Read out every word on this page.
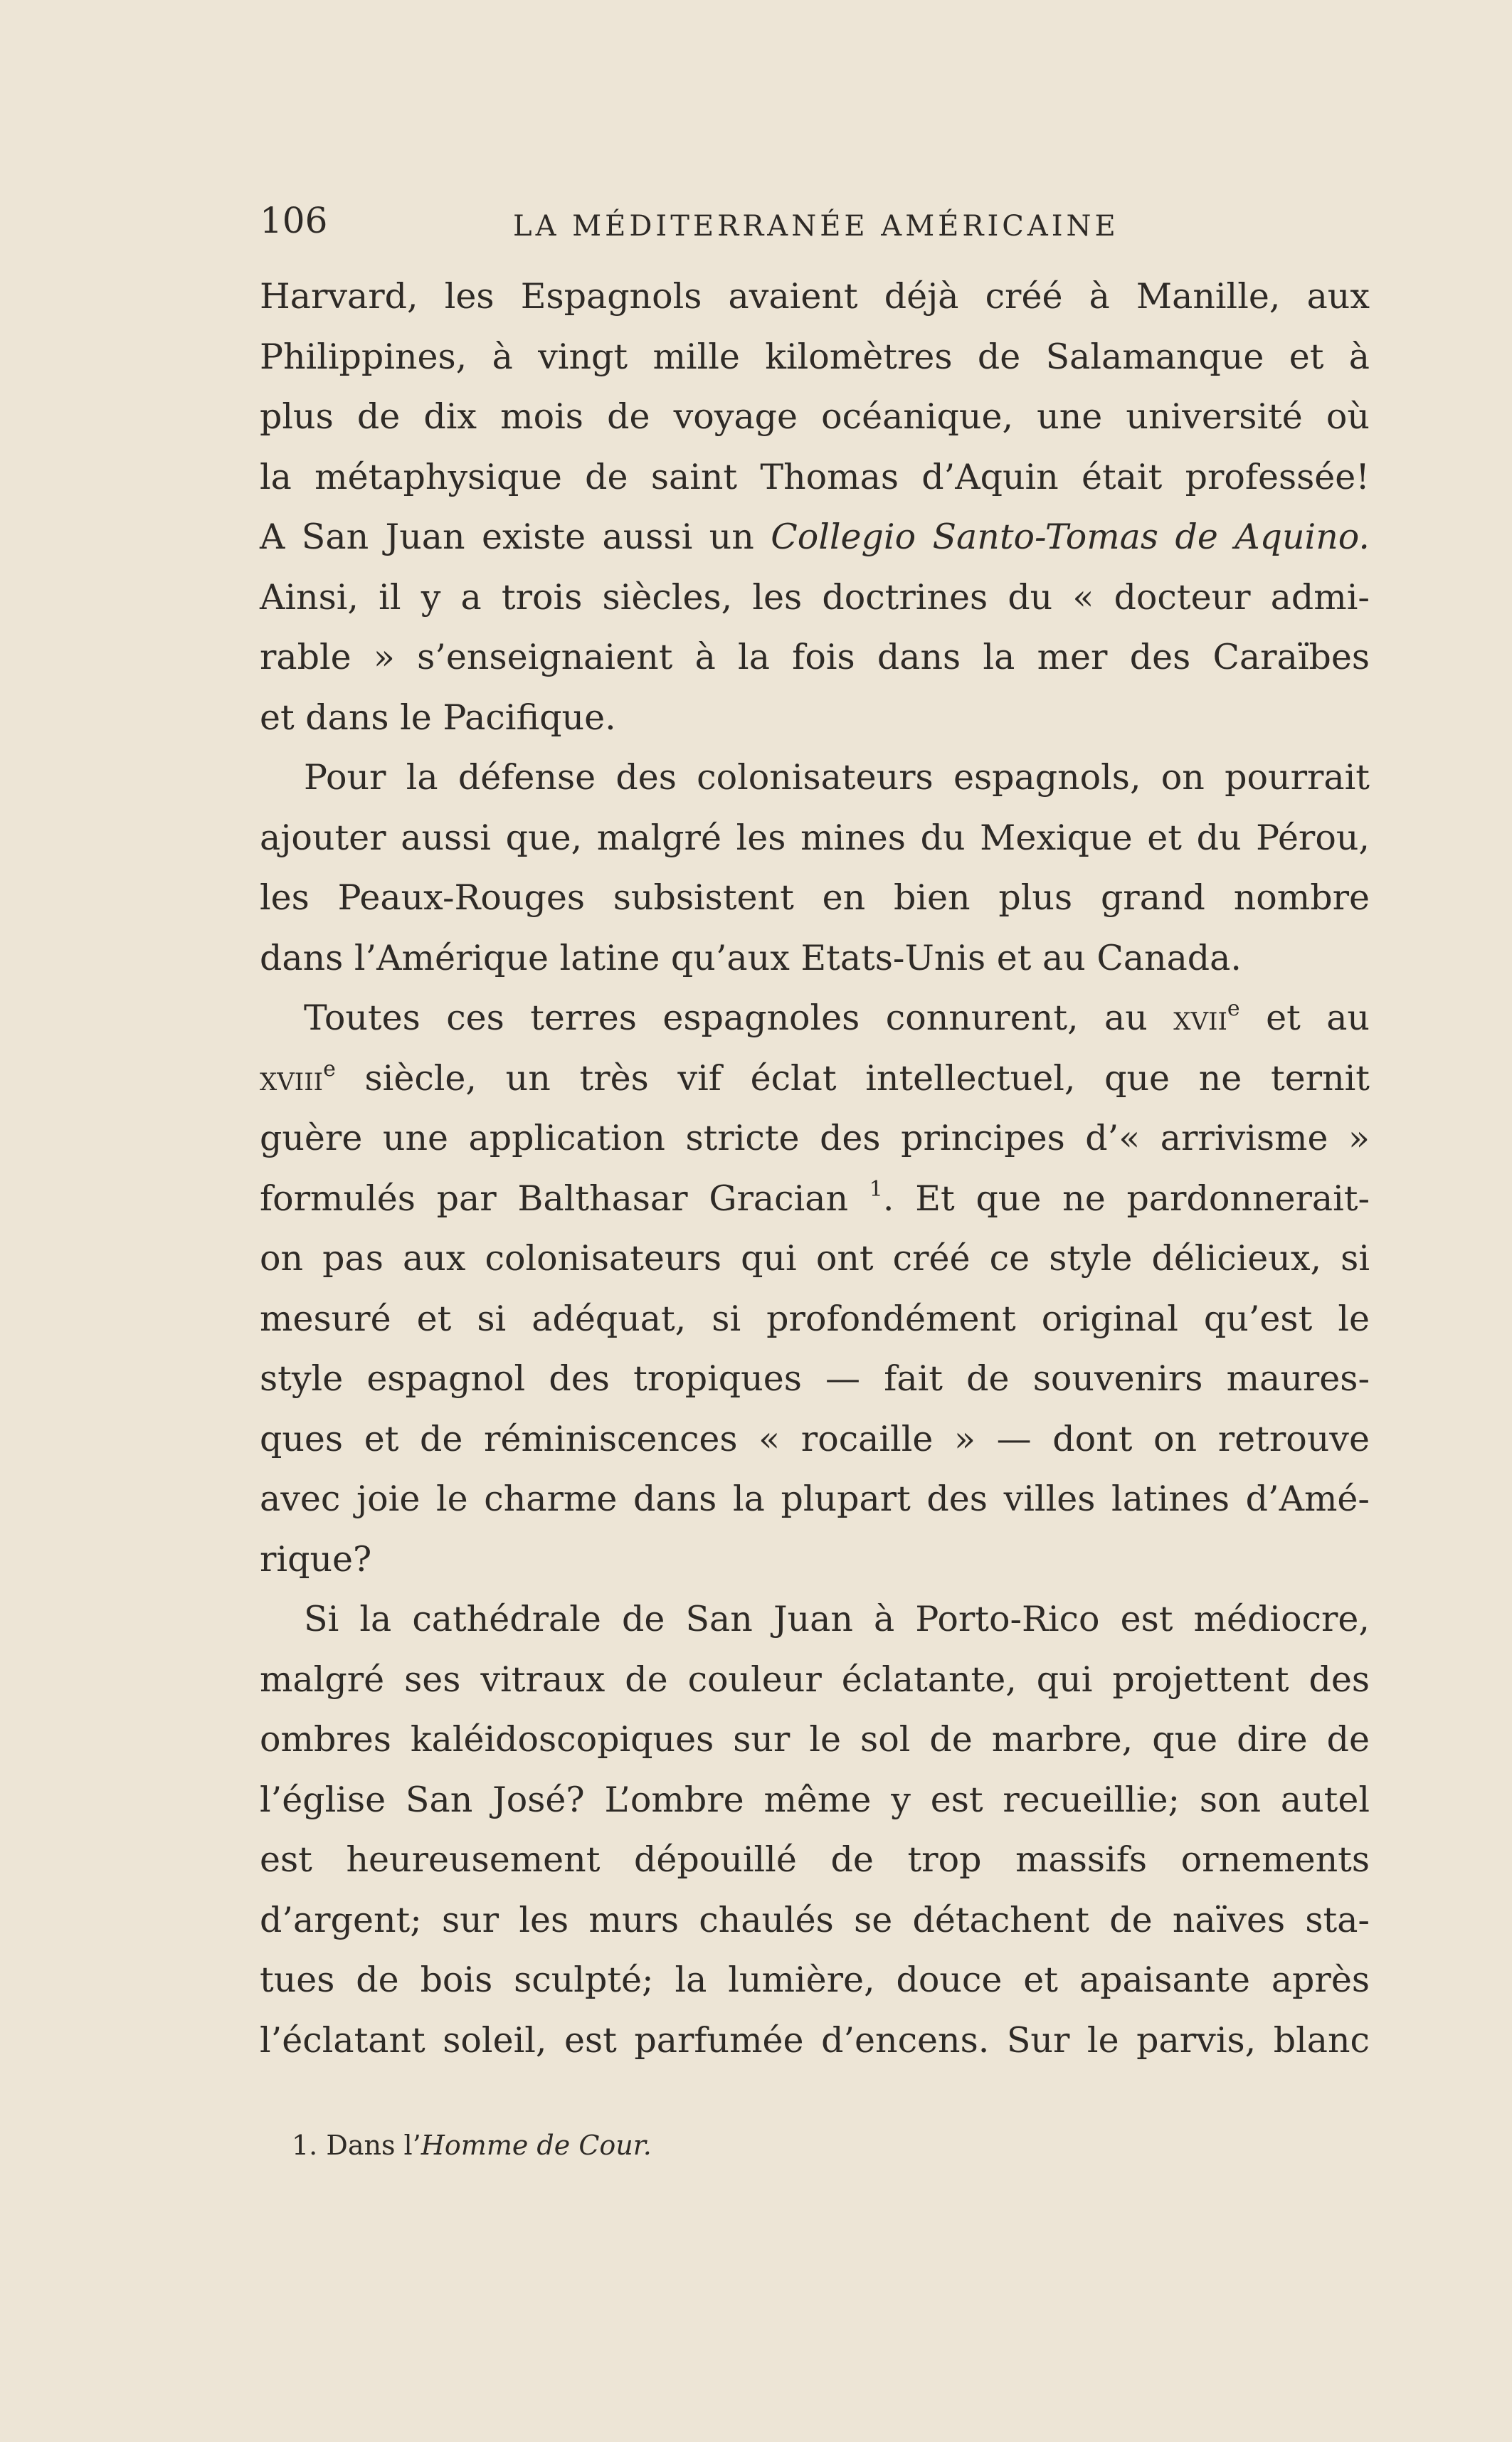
106	LA MÉDITERRANÉE AMÉRICAINE
Harvard, les Espagnols avaient déjà créé à Manille, aux
Philippines, à vingt mille kilomètres de Salamanque et à
plus de dix mois de voyage océanique, une université où
la métaphysique de saint Thomas d’Aquin était professée!
A San Juan existe aussi un Collegio Santo-Tomas de Aquino.
Ainsi, il y a trois siècles, les doctrines du « docteur admi-
rable » s’enseignaient à la fois dans la mer des Caraïbes
et dans le Pacifique.
Pour la défense des colonisateurs espagnols, on pourrait
ajouter aussi que, malgré les mines du Mexique et du Pérou,
les Peaux-Rouges subsistent en bien plus grand nombre
dans l’Amérique latine qu’aux Etats-Unis et au Canada.
Toutes ces terres espagnoles connurent, au xvii$^e$ et au
xviii$^e$ siècle, un très vif éclat intellectuel, que ne ternit
guère une application stricte des principes d’« arrivisme »
formulés par Balthasar Gracian $^1$. Et que ne pardonnerait-
on pas aux colonisateurs qui ont créé ce style délicieux, si
mesuré et si adéquat, si profondément original qu’est le
style espagnol des tropiques — fait de souvenirs maures-
ques et de réminiscences « rocaille » — dont on retrouve
avec joie le charme dans la plupart des villes latines d’Amé-
rique?
Si la cathédrale de San Juan à Porto-Rico est médiocre,
malgré ses vitraux de couleur éclatante, qui projettent des
ombres kaléidoscopiques sur le sol de marbre, que dire de
l’église San José? L’ombre même y est recueillie; son autel
est heureusement dépouillé de trop massifs ornements
d’argent; sur les murs chaulés se détachent de naïves sta-
tues de bois sculpté; la lumière, douce et apaisante après
l’éclatant soleil, est parfumée d’encens. Sur le parvis, blanc
1. Dans l’Homme de Cour.
